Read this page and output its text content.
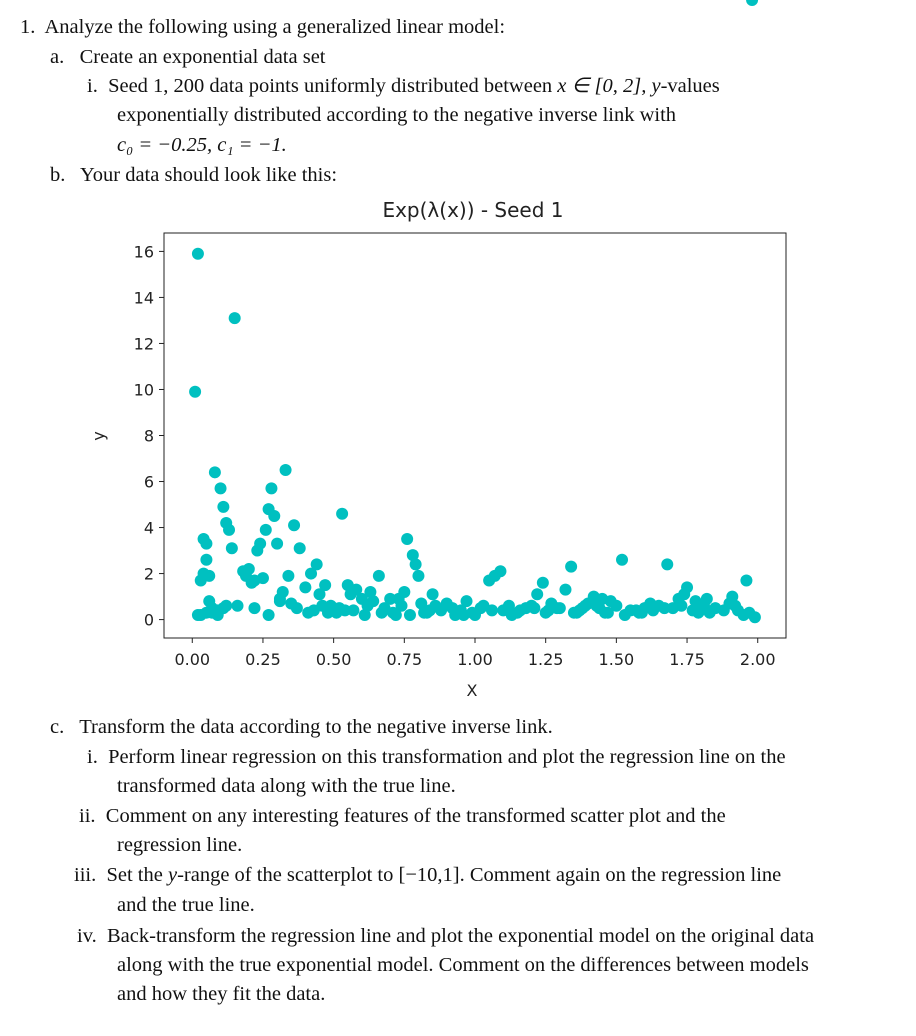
1. Analyze the following using a generalized linear model:
a. Create an exponential data set
i. Seed 1, 200 data points uniformly distributed between x ∈ [0, 2], y-values
exponentially distributed according to the negative inverse link with
c₀ = −0.25, c₁ = −1.
b. Your data should look like this:
Exp(λ(x)) - Seed 1
0.00 0.25 0.50 0.75 1.00 1.25 1.50 1.75 2.00
0
2
4
6
8
10
12
14
16
X
y
c. Transform the data according to the negative inverse link.
i. Perform linear regression on this transformation and plot the regression line on the
transformed data along with the true line.
ii. Comment on any interesting features of the transformed scatter plot and the
regression line.
iii. Set the y-range of the scatterplot to [−10,1]. Comment again on the regression line
and the true line.
iv. Back-transform the regression line and plot the exponential model on the original data
along with the true exponential model. Comment on the differences between models
and how they fit the data.
